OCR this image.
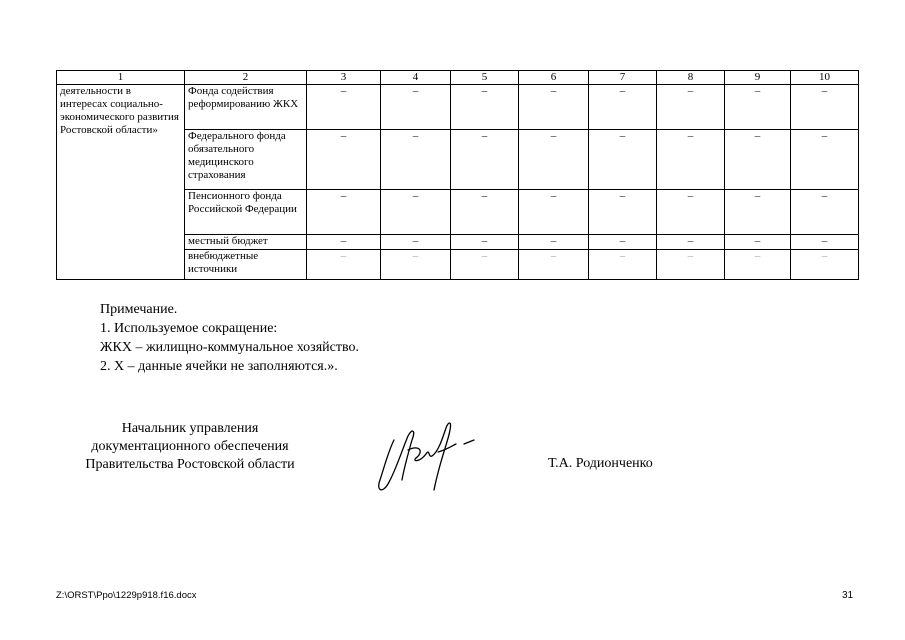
1	2	3	4	5	6	7	8	9	10
деятельности в интересах социально-экономического развития Ростовской области»	Фонда содействия реформированию ЖКХ	–	–	–	–	–	–	–	–
	Федерального фонда обязательного медицинского страхования	–	–	–	–	–	–	–	–
	Пенсионного фонда Российской Федерации	–	–	–	–	–	–	–	–
	местный бюджет	–	–	–	–	–	–	–	–
	внебюджетные источники	–	–	–	–	–	–	–	–
Примечание.
1. Используемое сокращение:
ЖКХ – жилищно-коммунальное хозяйство.
2. Х – данные ячейки не заполняются.».
Начальник управления
документационного обеспечения
Правительства Ростовской области	Т.А. Родионченко
Z:\ORST\Ppo\1229p918.f16.docx	31
